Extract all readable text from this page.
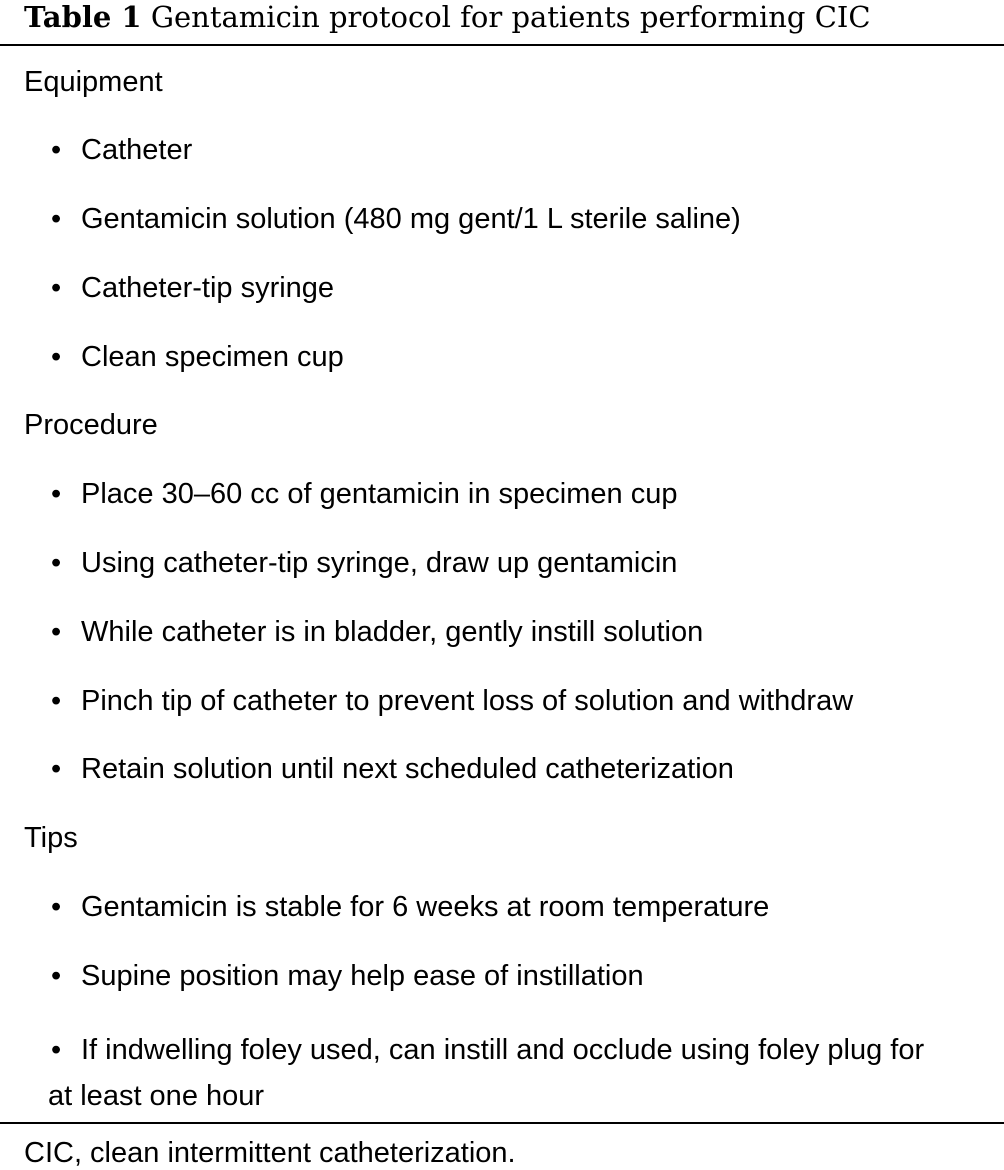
Table 1 Gentamicin protocol for patients performing CIC
Equipment
• Catheter
• Gentamicin solution (480 mg gent/1 L sterile saline)
• Catheter-tip syringe
• Clean specimen cup
Procedure
• Place 30–60 cc of gentamicin in specimen cup
• Using catheter-tip syringe, draw up gentamicin
• While catheter is in bladder, gently instill solution
• Pinch tip of catheter to prevent loss of solution and withdraw
• Retain solution until next scheduled catheterization
Tips
• Gentamicin is stable for 6 weeks at room temperature
• Supine position may help ease of instillation
• If indwelling foley used, can instill and occlude using foley plug for at least one hour
CIC, clean intermittent catheterization.
